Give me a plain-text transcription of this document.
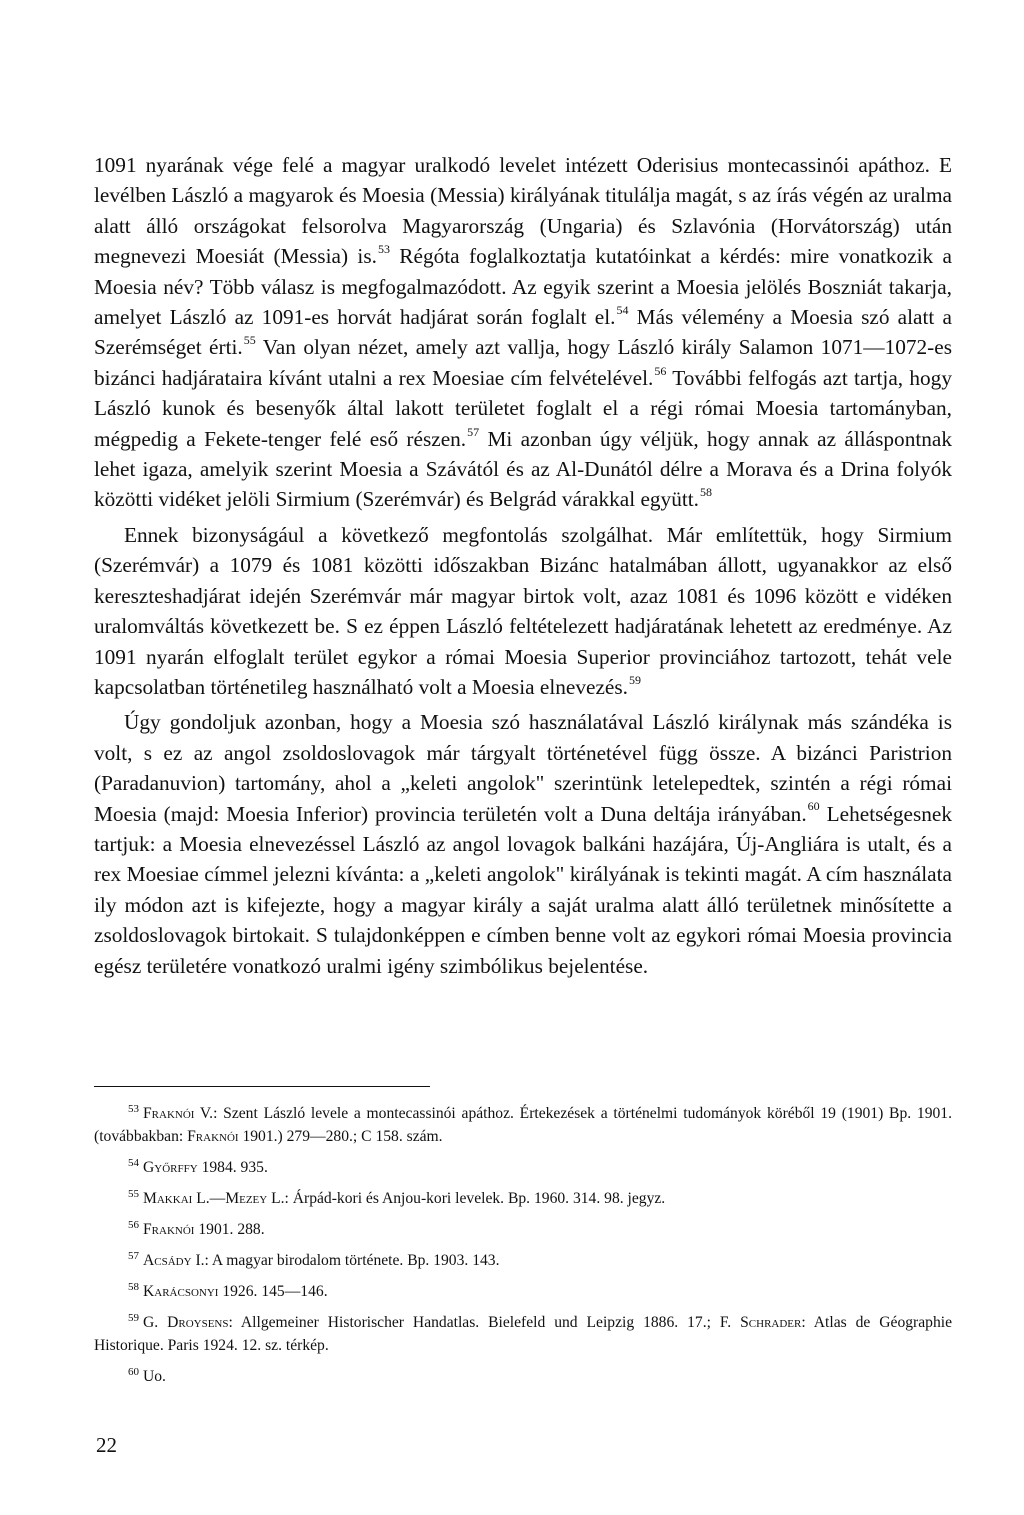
1091 nyarának vége felé a magyar uralkodó levelet intézett Oderisius montecassinói apáthoz. E levélben László a magyarok és Moesia (Messia) királyának titulálja magát, s az írás végén az uralma alatt álló országokat felsorolva Magyarország (Ungaria) és Szlavónia (Horvátország) után megnevezi Moesiát (Messia) is.$^{53}$ Régóta foglalkoztatja kutatóinkat a kérdés: mire vonatkozik a Moesia név? Több válasz is megfogalmazódott. Az egyik szerint a Moesia jelölés Boszniát takarja, amelyet László az 1091-es horvát hadjárat során foglalt el.$^{54}$ Más vélemény a Moesia szó alatt a Szerémséget érti.$^{55}$ Van olyan nézet, amely azt vallja, hogy László király Salamon 1071—1072-es bizánci hadjárataira kívánt utalni a rex Moesiae cím felvételével.$^{56}$ További felfogás azt tartja, hogy László kunok és besenyők által lakott területet foglalt el a régi római Moesia tartományban, mégpedig a Fekete-tenger felé eső részen.$^{57}$ Mi azonban úgy véljük, hogy annak az álláspontnak lehet igaza, amelyik szerint Moesia a Szávától és az Al-Dunától délre a Morava és a Drina folyók közötti vidéket jelöli Sirmium (Szerémvár) és Belgrád várakkal együtt.$^{58}$

Ennek bizonyságául a következő megfontolás szolgálhat. Már említettük, hogy Sirmium (Szerémvár) a 1079 és 1081 közötti időszakban Bizánc hatalmában állott, ugyanakkor az első kereszteshadjárat idején Szerémvár már magyar birtok volt, azaz 1081 és 1096 között e vidéken uralomváltás következett be. S ez éppen László feltételezett hadjáratának lehetett az eredménye. Az 1091 nyarán elfoglalt terület egykor a római Moesia Superior provinciához tartozott, tehát vele kapcsolatban történetileg használható volt a Moesia elnevezés.$^{59}$

Úgy gondoljuk azonban, hogy a Moesia szó használatával László királynak más szándéka is volt, s ez az angol zsoldoslovagok már tárgyalt történetével függ össze. A bizánci Paristrion (Paradanuvion) tartomány, ahol a „keleti angolok" szerintünk letelepedtek, szintén a régi római Moesia (majd: Moesia Inferior) provincia területén volt a Duna deltája irányában.$^{60}$ Lehetségesnek tartjuk: a Moesia elnevezéssel László az angol lovagok balkáni hazájára, Új-Angliára is utalt, és a rex Moesiae címmel jelezni kívánta: a „keleti angolok" királyának is tekinti magát. A cím használata ily módon azt is kifejezte, hogy a magyar király a saját uralma alatt álló területnek minősítette a zsoldoslovagok birtokait. S tulajdonképpen e címben benne volt az egykori római Moesia provincia egész területére vonatkozó uralmi igény szimbólikus bejelentése.

$^{53}$ Fraknói V.: Szent László levele a montecassinói apáthoz. Értekezések a történelmi tudományok köréből 19 (1901) Bp. 1901. (továbbakban: Fraknói 1901.) 279—280.; C 158. szám.
$^{54}$ Győrffy 1984. 935.
$^{55}$ Makkai L.—Mezey L.: Árpád-kori és Anjou-kori levelek. Bp. 1960. 314. 98. jegyz.
$^{56}$ Fraknói 1901. 288.
$^{57}$ Acsády I.: A magyar birodalom története. Bp. 1903. 143.
$^{58}$ Karácsonyi 1926. 145—146.
$^{59}$ G. Droysens: Allgemeiner Historischer Handatlas. Bielefeld und Leipzig 1886. 17.; F. Schrader: Atlas de Géographie Historique. Paris 1924. 12. sz. térkép.
$^{60}$ Uo.
22
